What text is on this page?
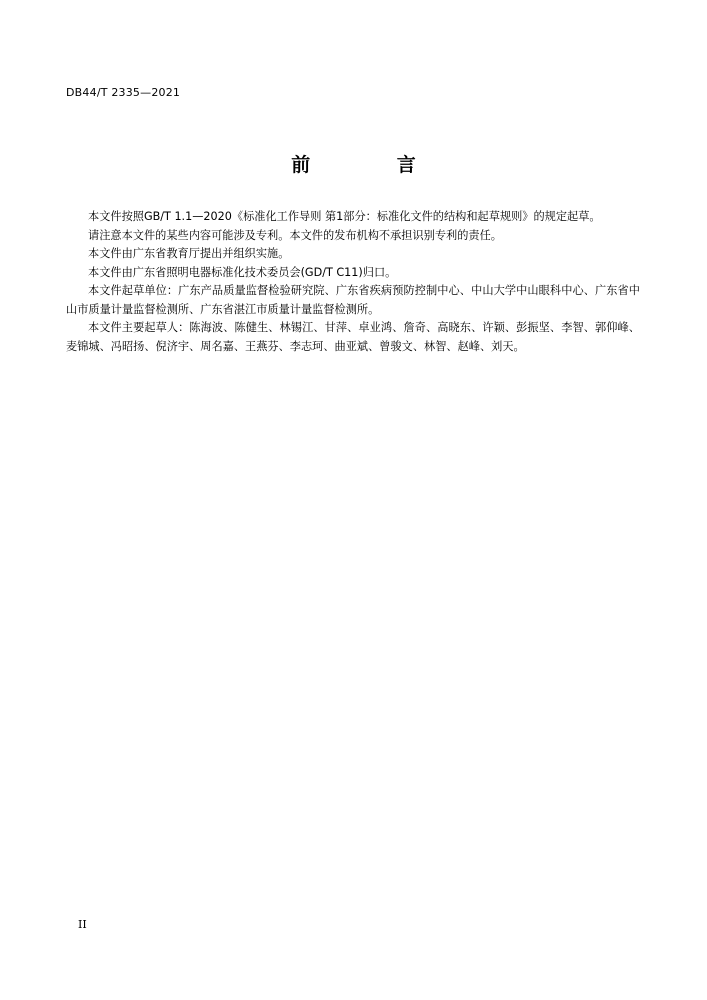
DB44/T 2335—2021
前 言

本文件按照GB/T 1.1—2020《标准化工作导则 第1部分：标准化文件的结构和起草规则》的规定起草。

请注意本文件的某些内容可能涉及专利。本文件的发布机构不承担识别专利的责任。

本文件由广东省教育厅提出并组织实施。

本文件由广东省照明电器标准化技术委员会(GD/T C11)归口。

本文件起草单位：广东产品质量监督检验研究院、广东省疾病预防控制中心、中山大学中山眼科中心、广东省中山市质量计量监督检测所、广东省湛江市质量计量监督检测所。

本文件主要起草人：陈海波、陈健生、林锡江、甘萍、卓业鸿、詹奇、高晓东、许颖、彭振坚、李智、郭仰峰、麦锦城、冯昭扬、倪济宇、周名嘉、王燕芬、李志珂、曲亚斌、曾骏文、林智、赵峰、刘天。

II
